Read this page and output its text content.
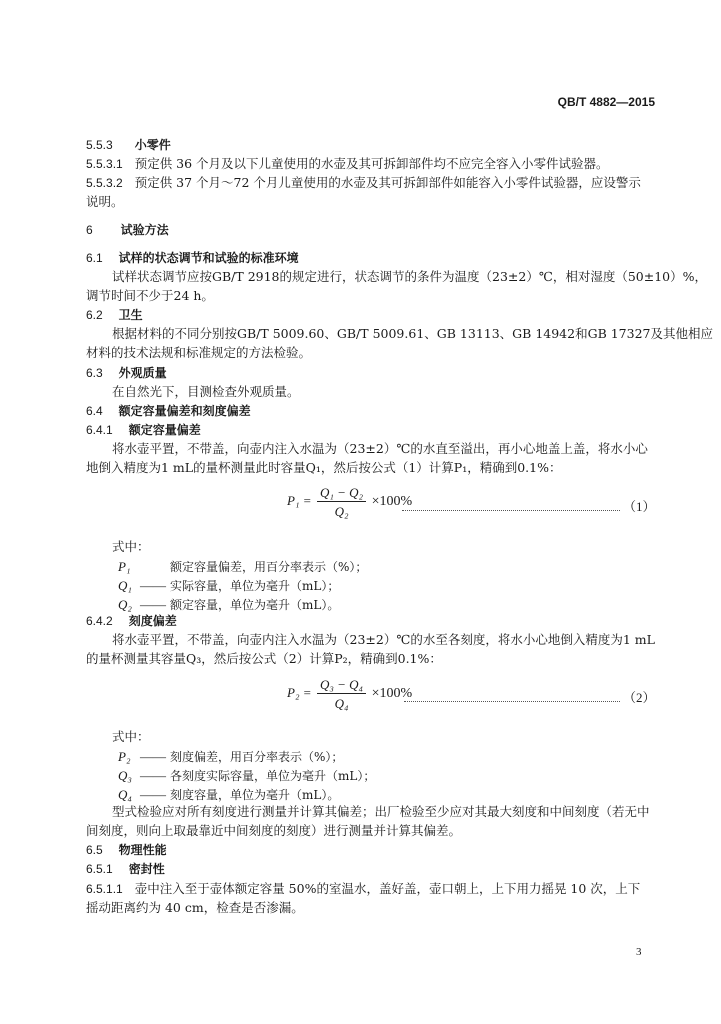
QB/T 4882—2015
5.5.3 小零件
5.5.3.1 预定供 36 个月及以下儿童使用的水壶及其可拆卸部件均不应完全容入小零件试验器。
5.5.3.2 预定供 37 个月～72 个月儿童使用的水壶及其可拆卸部件如能容入小零件试验器，应设警示
说明。
6 试验方法
6.1 试样的状态调节和试验的标准环境
试样状态调节应按GB/T 2918的规定进行，状态调节的条件为温度（23±2）℃，相对湿度（50±10）%，
调节时间不少于24 h。
6.2 卫生
根据材料的不同分别按GB/T 5009.60、GB/T 5009.61、GB 13113、GB 14942和GB 17327及其他相应
材料的技术法规和标准规定的方法检验。
6.3 外观质量
在自然光下，目测检查外观质量。
6.4 额定容量偏差和刻度偏差
6.4.1 额定容量偏差
将水壶平置，不带盖，向壶内注入水温为（23±2）℃的水直至溢出，再小心地盖上盖，将水小心
地倒入精度为1 mL的量杯测量此时容量Q₁，然后按公式（1）计算P₁，精确到0.1%：
$P_1 = \frac{\text{Q₁ − Q₂}}{\text{Q₂}} \times 100\%$	（1）
式中：
P₁	额定容量偏差，用百分率表示（%）；
Q₁ —— 实际容量，单位为毫升（mL）；
Q₂ —— 额定容量，单位为毫升（mL）。
6.4.2 刻度偏差
将水壶平置，不带盖，向壶内注入水温为（23±2）℃的水至各刻度，将水小心地倒入精度为1 mL
的量杯测量其容量Q₃，然后按公式（2）计算P₂，精确到0.1%：
$P_2 = \frac{\text{Q₃ − Q₄}}{\text{Q₄}} \times 100\%$	（2）
式中：
P₂ —— 刻度偏差，用百分率表示（%）；
Q₃ —— 各刻度实际容量，单位为毫升（mL）；
Q₄ —— 刻度容量，单位为毫升（mL）。
型式检验应对所有刻度进行测量并计算其偏差；出厂检验至少应对其最大刻度和中间刻度（若无中
间刻度，则向上取最靠近中间刻度的刻度）进行测量并计算其偏差。
6.5 物理性能
6.5.1 密封性
6.5.1.1 壶中注入至于壶体额定容量 50%的室温水，盖好盖，壶口朝上，上下用力摇晃 10 次，上下
摇动距离约为 40 cm，检查是否渗漏。
3
